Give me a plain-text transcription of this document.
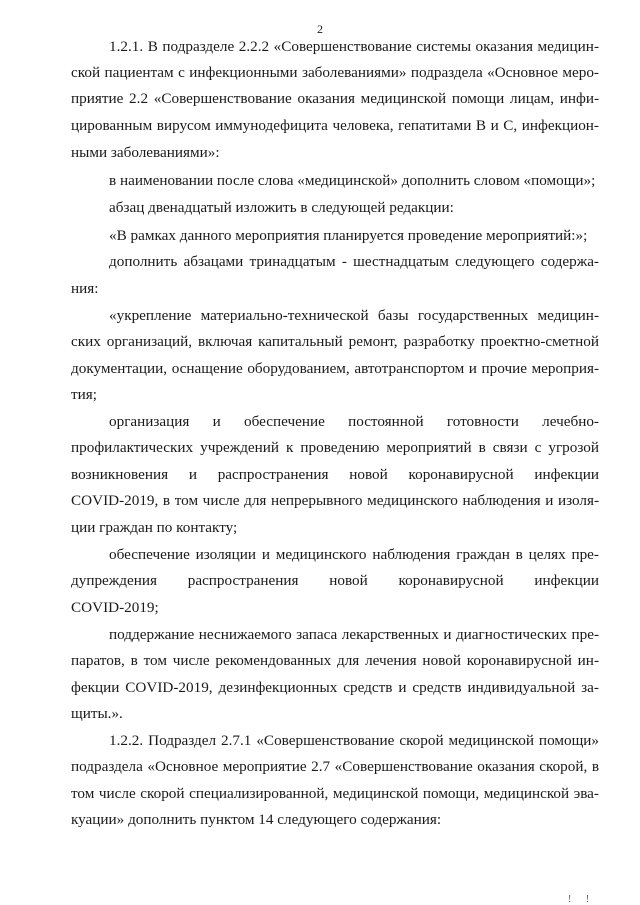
2
1.2.1. В подразделе 2.2.2 «Совершенствование системы оказания медицин-
ской пациентам с инфекционными заболеваниями» подраздела «Основное меро-
приятие 2.2 «Совершенствование оказания медицинской помощи лицам, инфи-
цированным вирусом иммунодефицита человека, гепатитами B и C, инфекцион-
ными заболеваниями»:
в наименовании после слова «медицинской» дополнить словом «помощи»;
абзац двенадцатый изложить в следующей редакции:
«В рамках данного мероприятия планируется проведение мероприятий:»;
дополнить абзацами тринадцатым - шестнадцатым следующего содержа-
ния:
«укрепление материально-технической базы государственных медицин-
ских организаций, включая капитальный ремонт, разработку проектно-сметной
документации, оснащение оборудованием, автотранспортом и прочие мероприя-
тия;
организация и обеспечение постоянной готовности лечебно-
профилактических учреждений к проведению мероприятий в связи с угрозой
возникновения и распространения новой коронавирусной инфекции
COVID-2019, в том числе для непрерывного медицинского наблюдения и изоля-
ции граждан по контакту;
обеспечение изоляции и медицинского наблюдения граждан в целях пре-
дупреждения распространения новой коронавирусной инфекции
COVID-2019;
поддержание неснижаемого запаса лекарственных и диагностических пре-
паратов, в том числе рекомендованных для лечения новой коронавирусной ин-
фекции COVID-2019, дезинфекционных средств и средств индивидуальной за-
щиты.».
1.2.2. Подраздел 2.7.1 «Совершенствование скорой медицинской помощи»
подраздела «Основное мероприятие 2.7 «Совершенствование оказания скорой, в
том числе скорой специализированной, медицинской помощи, медицинской эва-
куации» дополнить пунктом 14 следующего содержания:
! !
